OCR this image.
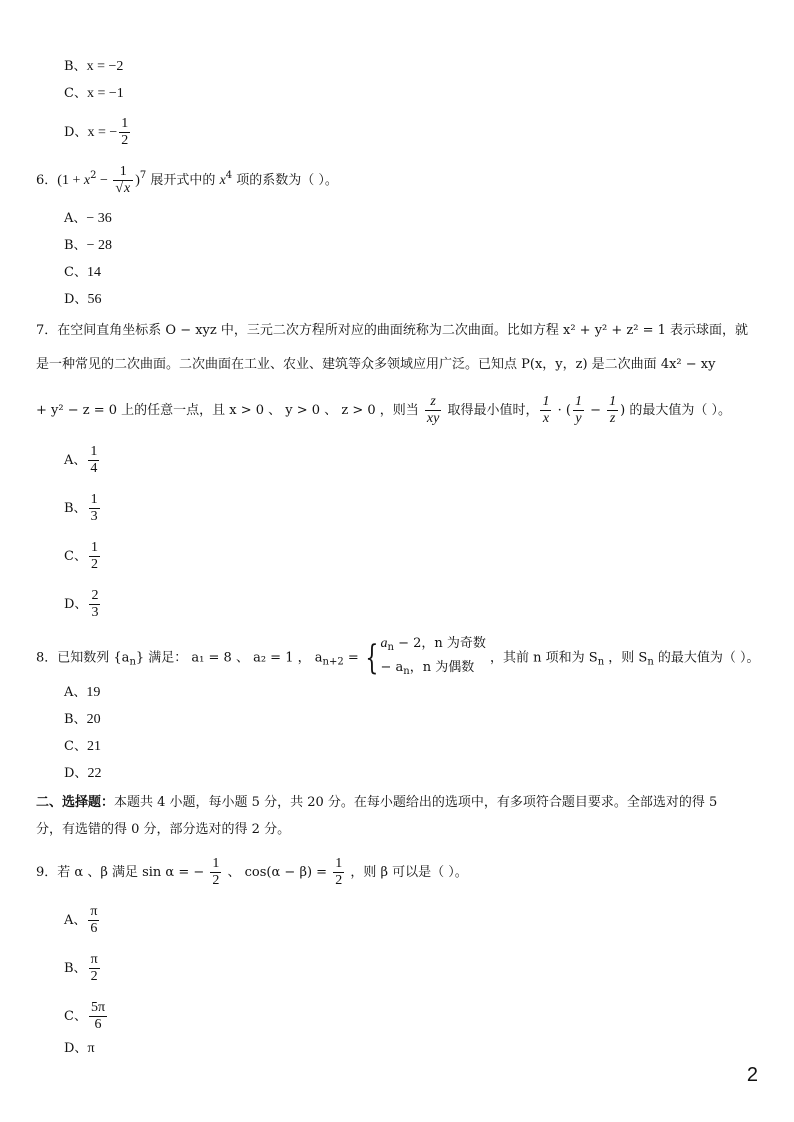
B、x = −2
C、x = −1
D、x = − $\frac{1}{2}$
6．$(1 + x^2 - \frac{1}{√x} )^7$ 展开式中的 $x^4$ 项的系数为（ ）。
A、− 36
B、− 28
C、14
D、56
7．在空间直角坐标系 O − xyz 中，三元二次方程所对应的曲面统称为二次曲面。比如方程 x² + y² + z² = 1 表示球面，就
是一种常见的二次曲面。二次曲面在工业、农业、建筑等众多领域应用广泛。已知点 P(x，y，z) 是二次曲面 4x² − xy
+ y² − z = 0 上的任意一点，且 x > 0 、 y > 0 、 z > 0 ，则当 $\frac{z}{xy}$ 取得最小值时， $\frac{1}{x}$ · ( $\frac{1}{y} - \frac{1}{z}$ ) 的最大值为（ ）。
A、 $\frac{1}{4}$
B、 $\frac{1}{3}$
C、 $\frac{1}{2}$
D、 $\frac{2}{3}$
8．已知数列 $\{a_n\}$ 满足： a₁ = 8 、 a₂ = 1 ， $a_{n+2}$ = { $a_n - 2$，n 为奇数
− $a_n$，n 为偶数
，其前 n 项和为 $S_n$ ，则 $S_n$ 的最大值为（ ）。
A、19
B、20
C、21
D、22
二、选择题：本题共 4 小题，每小题 5 分，共 20 分。在每小题给出的选项中，有多项符合题目要求。全部选对的得 5
分，有选错的得 0 分，部分选对的得 2 分。
9．若 α 、β 满足 sin α = − $\frac{1}{2}$ 、 $\cos(\alpha - \beta) = \frac{1}{2}$ ，则 β 可以是（ ）。
A、 $\frac{\pi}{6}$
B、 $\frac{\pi}{2}$
C、 $\frac{5\pi}{6}$
D、π
2
